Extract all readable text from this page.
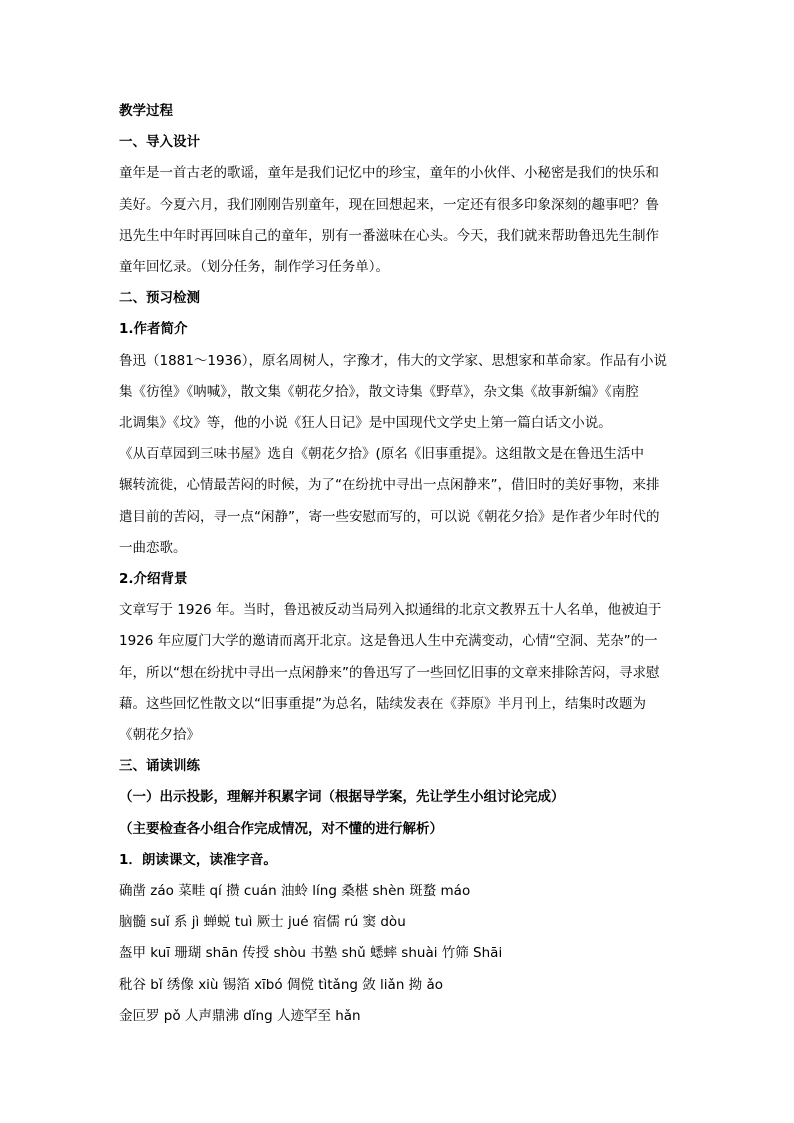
教学过程

一、导入设计

童年是一首古老的歌谣，童年是我们记忆中的珍宝，童年的小伙伴、小秘密是我们的快乐和
美好。今夏六月，我们刚刚告别童年，现在回想起来，一定还有很多印象深刻的趣事吧？鲁
迅先生中年时再回味自己的童年，别有一番滋味在心头。今天，我们就来帮助鲁迅先生制作
童年回忆录。（划分任务，制作学习任务单）。

二、预习检测

1.作者简介

鲁迅（1881～1936），原名周树人，字豫才，伟大的文学家、思想家和革命家。作品有小说
集《彷徨》《呐喊》，散文集《朝花夕拾》，散文诗集《野草》，杂文集《故事新编》《南腔
北调集》《坟》等，他的小说《狂人日记》是中国现代文学史上第一篇白话文小说。

《从百草园到三味书屋》选自《朝花夕拾》(原名《旧事重提》。这组散文是在鲁迅生活中
辗转流徙，心情最苦闷的时候，为了“在纷扰中寻出一点闲静来”，借旧时的美好事物，来排
遣目前的苦闷，寻一点“闲静”，寄一些安慰而写的，可以说《朝花夕拾》是作者少年时代的
一曲恋歌。

2.介绍背景

文章写于 1926 年。当时，鲁迅被反动当局列入拟通缉的北京文教界五十人名单，他被迫于
1926 年应厦门大学的邀请而离开北京。这是鲁迅人生中充满变动，心情“空洞、芜杂”的一
年，所以“想在纷扰中寻出一点闲静来”的鲁迅写了一些回忆旧事的文章来排除苦闷，寻求慰
藉。这些回忆性散文以“旧事重提”为总名，陆续发表在《莽原》半月刊上，结集时改题为
《朝花夕拾》

三、诵读训练

（一）出示投影，理解并积累字词（根据导学案，先让学生小组讨论完成）

（主要检查各小组合作完成情况，对不懂的进行解析）

1．朗读课文，读准字音。

确凿 záo 菜畦 qí 攒 cuán 油蛉 líng 桑椹 shèn 斑蝥 máo

脑髓 suǐ 系 jì 蝉蜕 tuì 厥士 jué 宿儒 rú 窦 dòu

盔甲 kuī 珊瑚 shān 传授 shòu 书塾 shǔ 蟋蟀 shuài 竹筛 Shāi

秕谷 bǐ 绣像 xiù 锡箔 xībó 倜傥 tìtǎng 敛 liǎn 拗 ǎo

金叵罗 pǒ 人声鼎沸 dǐng 人迹罕至 hǎn
